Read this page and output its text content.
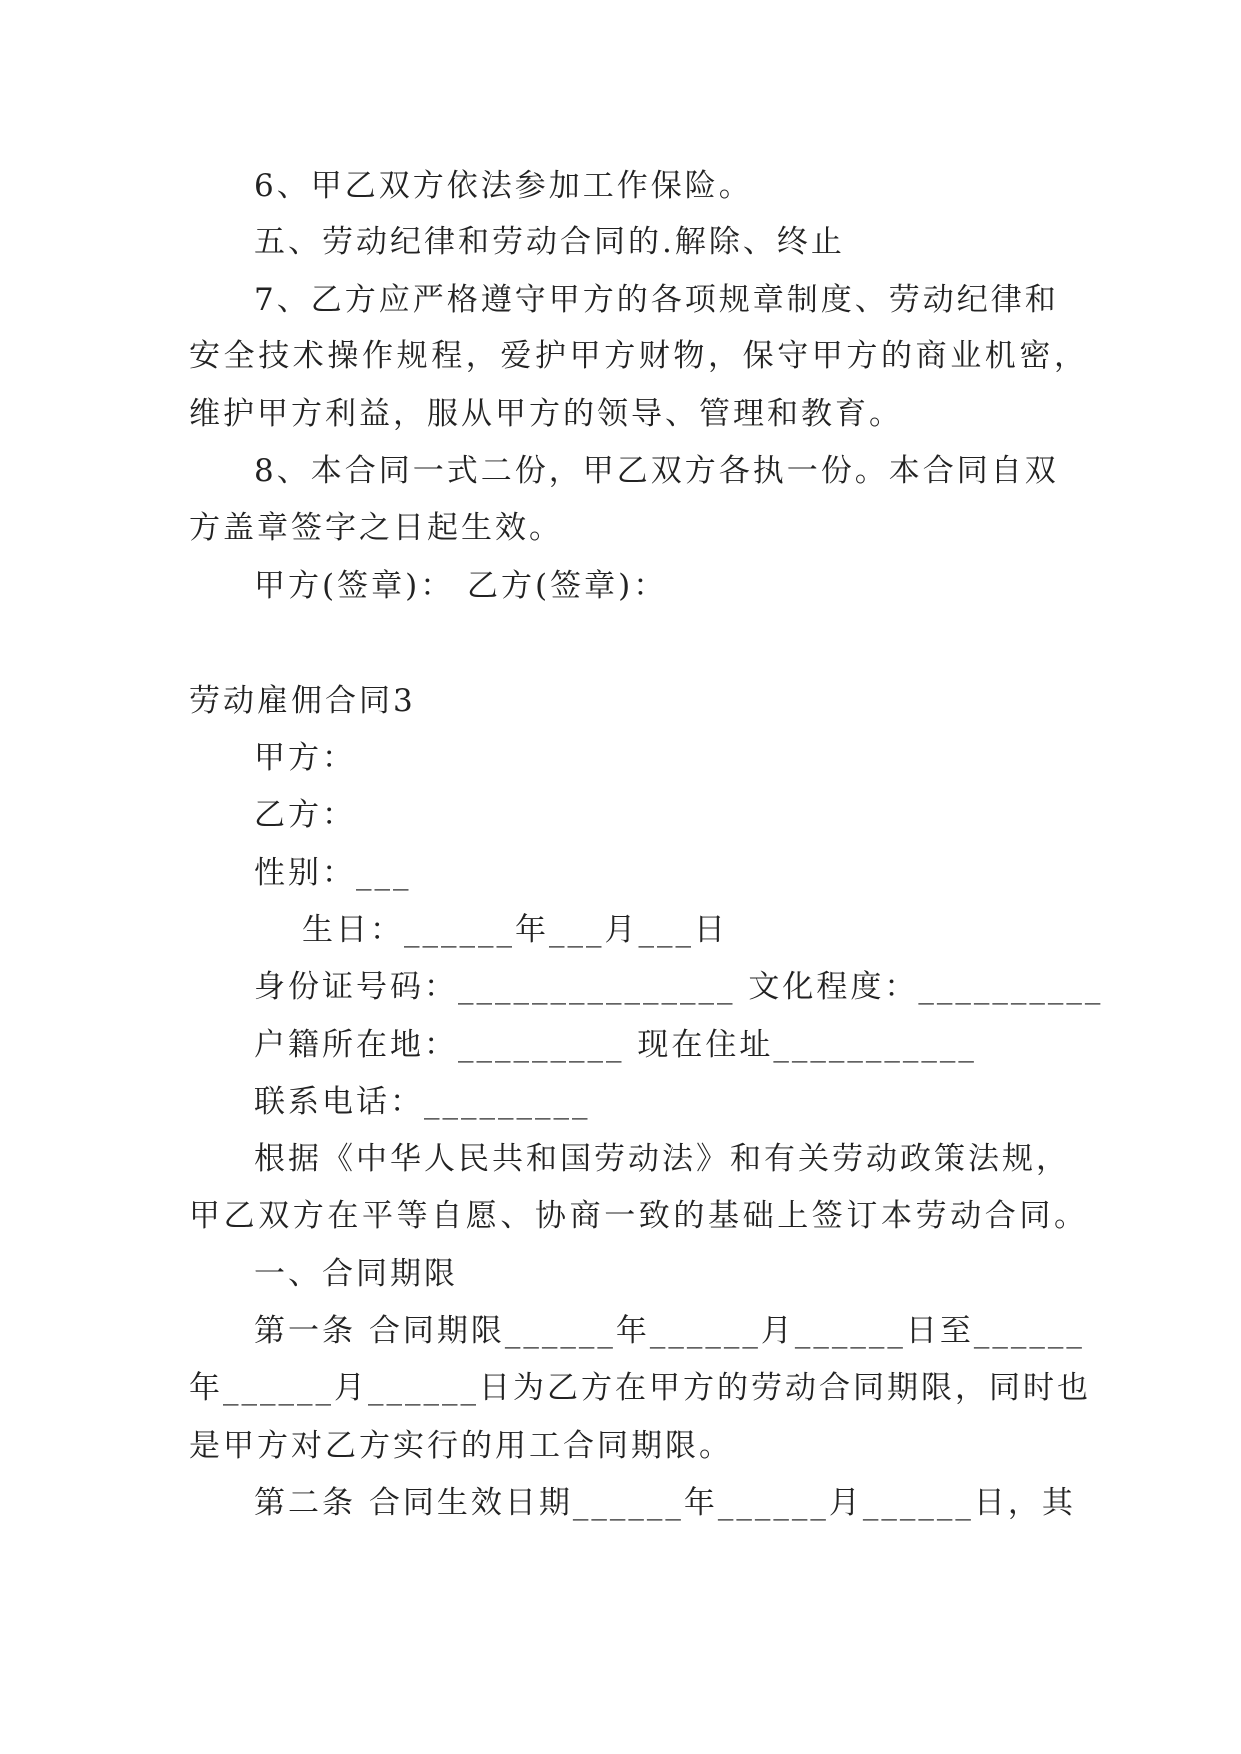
6、甲乙双方依法参加工作保险。
五、劳动纪律和劳动合同的.解除、终止
7、乙方应严格遵守甲方的各项规章制度、劳动纪律和
安全技术操作规程，爱护甲方财物，保守甲方的商业机密，
维护甲方利益，服从甲方的领导、管理和教育。
8、本合同一式二份，甲乙双方各执一份。本合同自双
方盖章签字之日起生效。
甲方(签章)： 乙方(签章)：
劳动雇佣合同3
甲方：
乙方：
性别：___
生日：______年___月___日
身份证号码：_______________ 文化程度：__________
户籍所在地：_________ 现在住址___________
联系电话：_________
根据《中华人民共和国劳动法》和有关劳动政策法规，
甲乙双方在平等自愿、协商一致的基础上签订本劳动合同。
一、合同期限
第一条 合同期限______年______月______日至______
年______月______日为乙方在甲方的劳动合同期限，同时也
是甲方对乙方实行的用工合同期限。
第二条 合同生效日期______年______月______日，其
